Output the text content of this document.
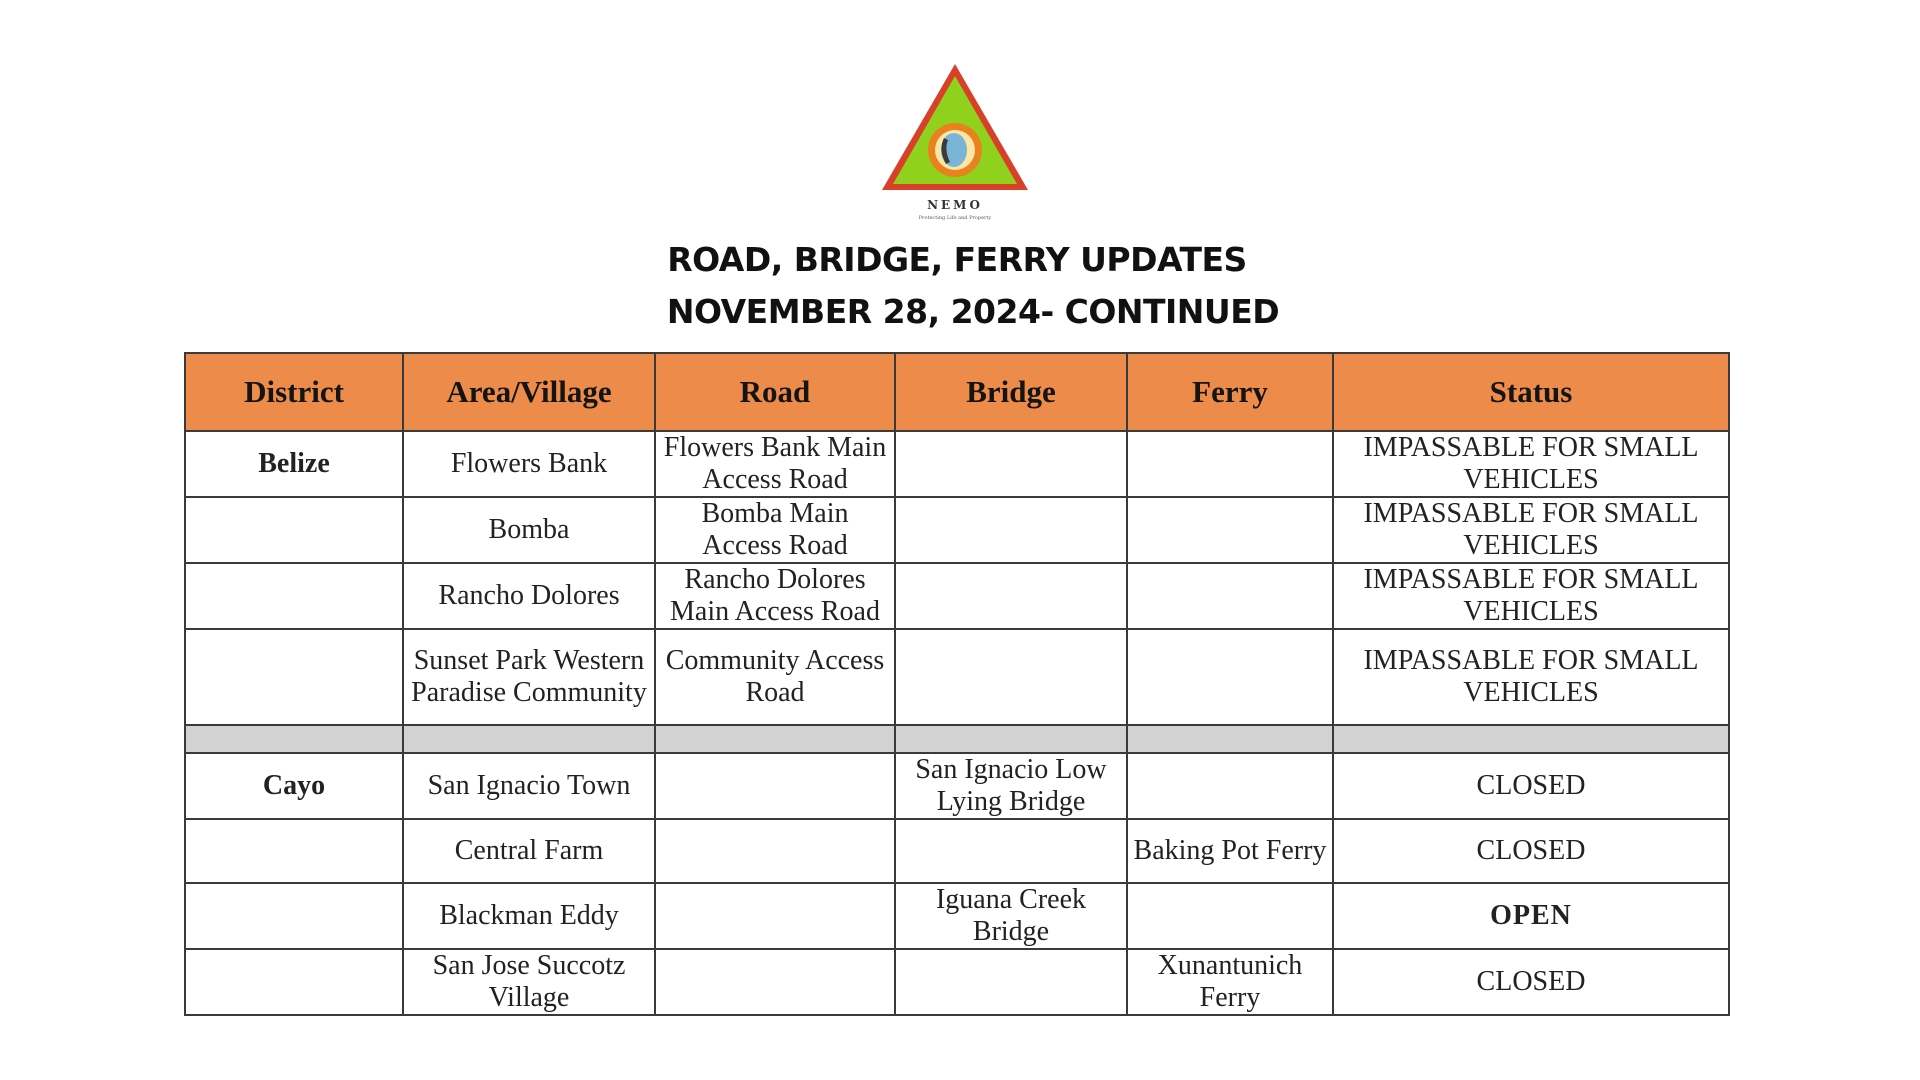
NEMO
Protecting Life and Property
ROAD, BRIDGE, FERRY UPDATES
NOVEMBER 28, 2024- CONTINUED
District	Area/Village	Road	Bridge	Ferry	Status
Belize	Flowers Bank	Flowers Bank Main Access Road			IMPASSABLE FOR SMALL VEHICLES
	Bomba	Bomba Main Access Road			IMPASSABLE FOR SMALL VEHICLES
	Rancho Dolores	Rancho Dolores Main Access Road			IMPASSABLE FOR SMALL VEHICLES
	Sunset Park Western Paradise Community	Community Access Road			IMPASSABLE FOR SMALL VEHICLES

Cayo	San Ignacio Town		San Ignacio Low Lying Bridge		CLOSED
	Central Farm			Baking Pot Ferry	CLOSED
	Blackman Eddy		Iguana Creek Bridge		OPEN
	San Jose Succotz Village			Xunantunich Ferry	CLOSED
